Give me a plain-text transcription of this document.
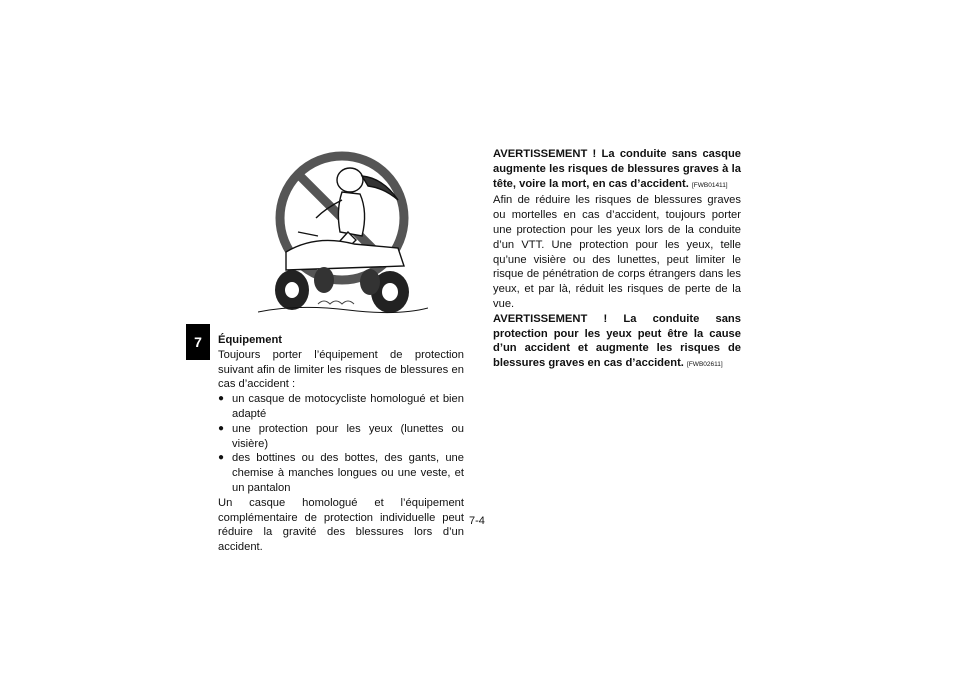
7	Équipement

Toujours porter l’équipement de protection suivant afin de limiter les risques de blessures en cas d’accident :

● un casque de motocycliste homologué et bien adapté
● une protection pour les yeux (lunettes ou visière)
● des bottines ou des bottes, des gants, une chemise à manches longues ou une veste, et un pantalon

Un casque homologué et l’équipement complémentaire de protection individuelle peut réduire la gravité des blessures lors d’un accident.

AVERTISSEMENT ! La conduite sans casque augmente les risques de blessures graves à la tête, voire la mort, en cas d’accident. [FWB01411]

Afin de réduire les risques de blessures graves ou mortelles en cas d’accident, toujours porter une protection pour les yeux lors de la conduite d’un VTT. Une protection pour les yeux, telle qu’une visière ou des lunettes, peut limiter le risque de pénétration de corps étrangers dans les yeux, et par là, réduit les risques de perte de la vue.

AVERTISSEMENT ! La conduite sans protection pour les yeux peut être la cause d’un accident et augmente les risques de blessures graves en cas d’accident. [FWB02611]

7-4
